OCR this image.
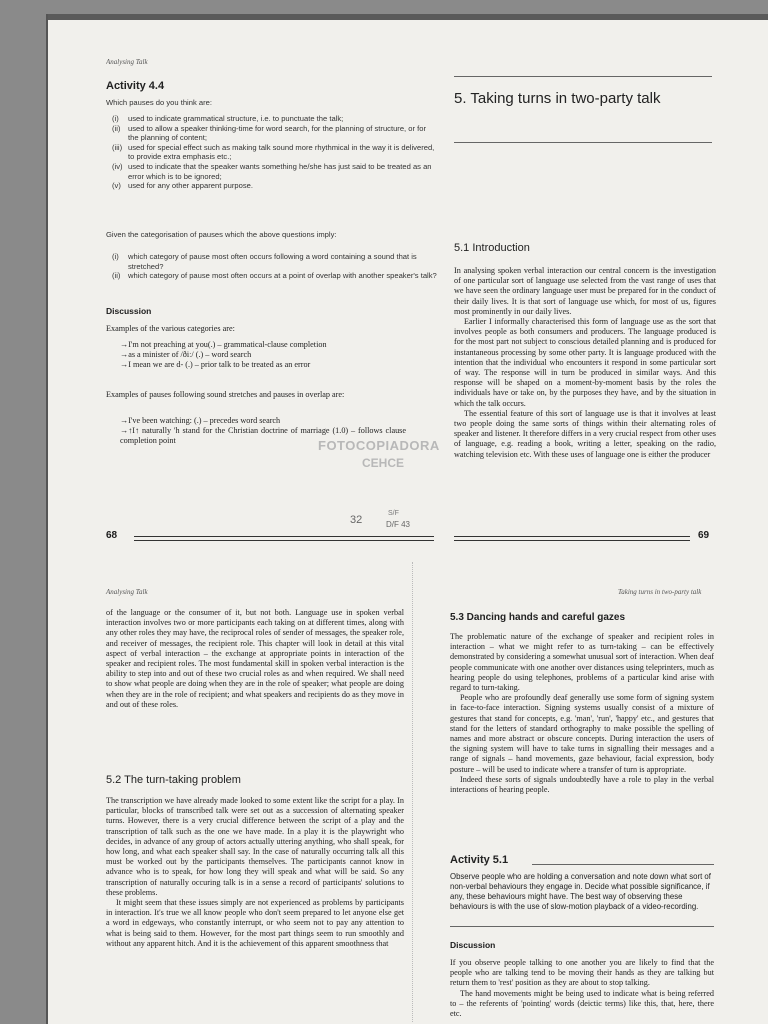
Analysing Talk
Activity 4.4
Which pauses do you think are:
(i)	used to indicate grammatical structure, i.e. to punctuate the talk;
(ii) used to allow a speaker thinking-time for word search, for the planning of structure, or for the planning of content;
(iii) used for special effect such as making talk sound more rhythmical in the way it is delivered, to provide extra emphasis etc.;
(iv) used to indicate that the speaker wants something he/she has just said to be treated as an error which is to be ignored;
(v) used for any other apparent purpose.
Given the categorisation of pauses which the above questions imply:
(i)	which category of pause most often occurs following a word containing a sound that is stretched?
(ii) which category of pause most often occurs at a point of overlap with another speaker's talk?
Discussion
Examples of the various categories are:

→I'm not preaching at you(.) – grammatical-clause completion

→as a minister of /ðiː/ (.) – word search

→I mean we are d- (.) – prior talk to be treated as an error

Examples of pauses following sound stretches and pauses in overlap are:

→I've been watching: (.) – precedes word search

→↑I↑ naturally 'h stand for the Christian doctrine of marriage (1.0) – follows clause completion point	FOTOCOPIADORA
CEHCE
32
S/F
D/F 43
68
5. Taking turns in two-party talk
5.1 Introduction

In analysing spoken verbal interaction our central concern is the investigation of one particular sort of language use selected from the vast range of uses that we have seen the ordinary language user must be prepared for in the conduct of their daily lives. It is that sort of language use which, for most of us, figures most prominently in our daily lives.

Earlier I informally characterised this form of language use as the sort that involves people as both consumers and producers. The language produced is for the most part not subject to conscious detailed planning and is produced for instantaneous processing by some other party. It is language produced with the intention that the individual who encounters it respond in some particular sort of way. The response will in turn be produced in similar ways. And this response will be shaped on a moment-by-moment basis by the roles the individuals have or take on, by the purposes they have, and by the situation in which the talk occurs.

The essential feature of this sort of language use is that it involves at least two people doing the same sorts of things within their alternating roles of speaker and listener. It therefore differs in a very crucial respect from other uses of language, e.g. reading a book, writing a letter, speaking on the radio, watching television etc. With these uses of language one is either the producer

69
Analysing Talk
of the language or the consumer of it, but not both. Language use in spoken verbal interaction involves two or more participants each taking on at different times, along with any other roles they may have, the reciprocal roles of sender of messages, the speaker role, and receiver of messages, the recipient role. This chapter will look in detail at this vital aspect of verbal interaction – the exchange at appropriate points in interaction of the speaker and recipient roles. The most fundamental skill in spoken verbal interaction is the ability to step into and out of these two crucial roles as and when required. We shall need to show what people are doing when they are in the role of speaker; what people are doing when they are in the role of recipient; and what speakers and recipients do as they move in and out of these roles.
5.2 The turn-taking problem

The transcription we have already made looked to some extent like the script for a play. In particular, blocks of transcribed talk were set out as a succession of alternating speaker turns. However, there is a very crucial difference between the script of a play and the transcription of talk such as the one we have made. In a play it is the playwright who decides, in advance of any group of actors actually uttering anything, who shall speak, for how long, and what each speaker shall say. In the case of naturally occurring talk all this must be worked out by the participants themselves. The participants cannot know in advance who is to speak, for how long they will speak and what will be said. So any transcription of naturally occuring talk is in a sense a record of participants' solutions to these problems.

It might seem that these issues simply are not experienced as problems by participants in interaction. It's true we all know people who don't seem prepared to let anyone else get a word in edgeways, who constantly interrupt, or who seem not to pay any attention to what is being said to them. However, for the most part things seem to run smoothly and without any apparent hitch. And it is the achievement of this apparent smoothness that

Taking turns in two-party talk
5.3 Dancing hands and careful gazes

The problematic nature of the exchange of speaker and recipient roles in interaction – what we might refer to as turn-taking – can be effectively demonstrated by considering a somewhat unusual sort of interaction. When deaf people communicate with one another over distances using teleprinters, much as hearing people do using telephones, problems of a particular kind arise with regard to turn-taking.

People who are profoundly deaf generally use some form of signing system in face-to-face interaction. Signing systems usually consist of a mixture of gestures that stand for concepts, e.g. 'man', 'run', 'happy' etc., and gestures that stand for the letters of standard orthography to make possible the spelling of names and more abstract or obscure concepts. During interaction the users of the signing system will have to take turns in signalling their messages and a range of signals – hand movements, gaze behaviour, facial expression, body posture – will be used to indicate where a transfer of turn is appropriate.

Indeed these sorts of signals undoubtedly have a role to play in the verbal interactions of hearing people.

Activity 5.1
Observe people who are holding a conversation and note down what sort of non-verbal behaviours they engage in. Decide what possible significance, if any, these behaviours might have. The best way of observing these behaviours is with the use of slow-motion playback of a video-recording.
Discussion

If you observe people talking to one another you are likely to find that the people who are talking tend to be moving their hands as they are talking but return them to 'rest' position as they are about to stop talking.

The hand movements might be being used to indicate what is being referred to – the referents of 'pointing' words (deictic terms) like this, that, here, there etc.
